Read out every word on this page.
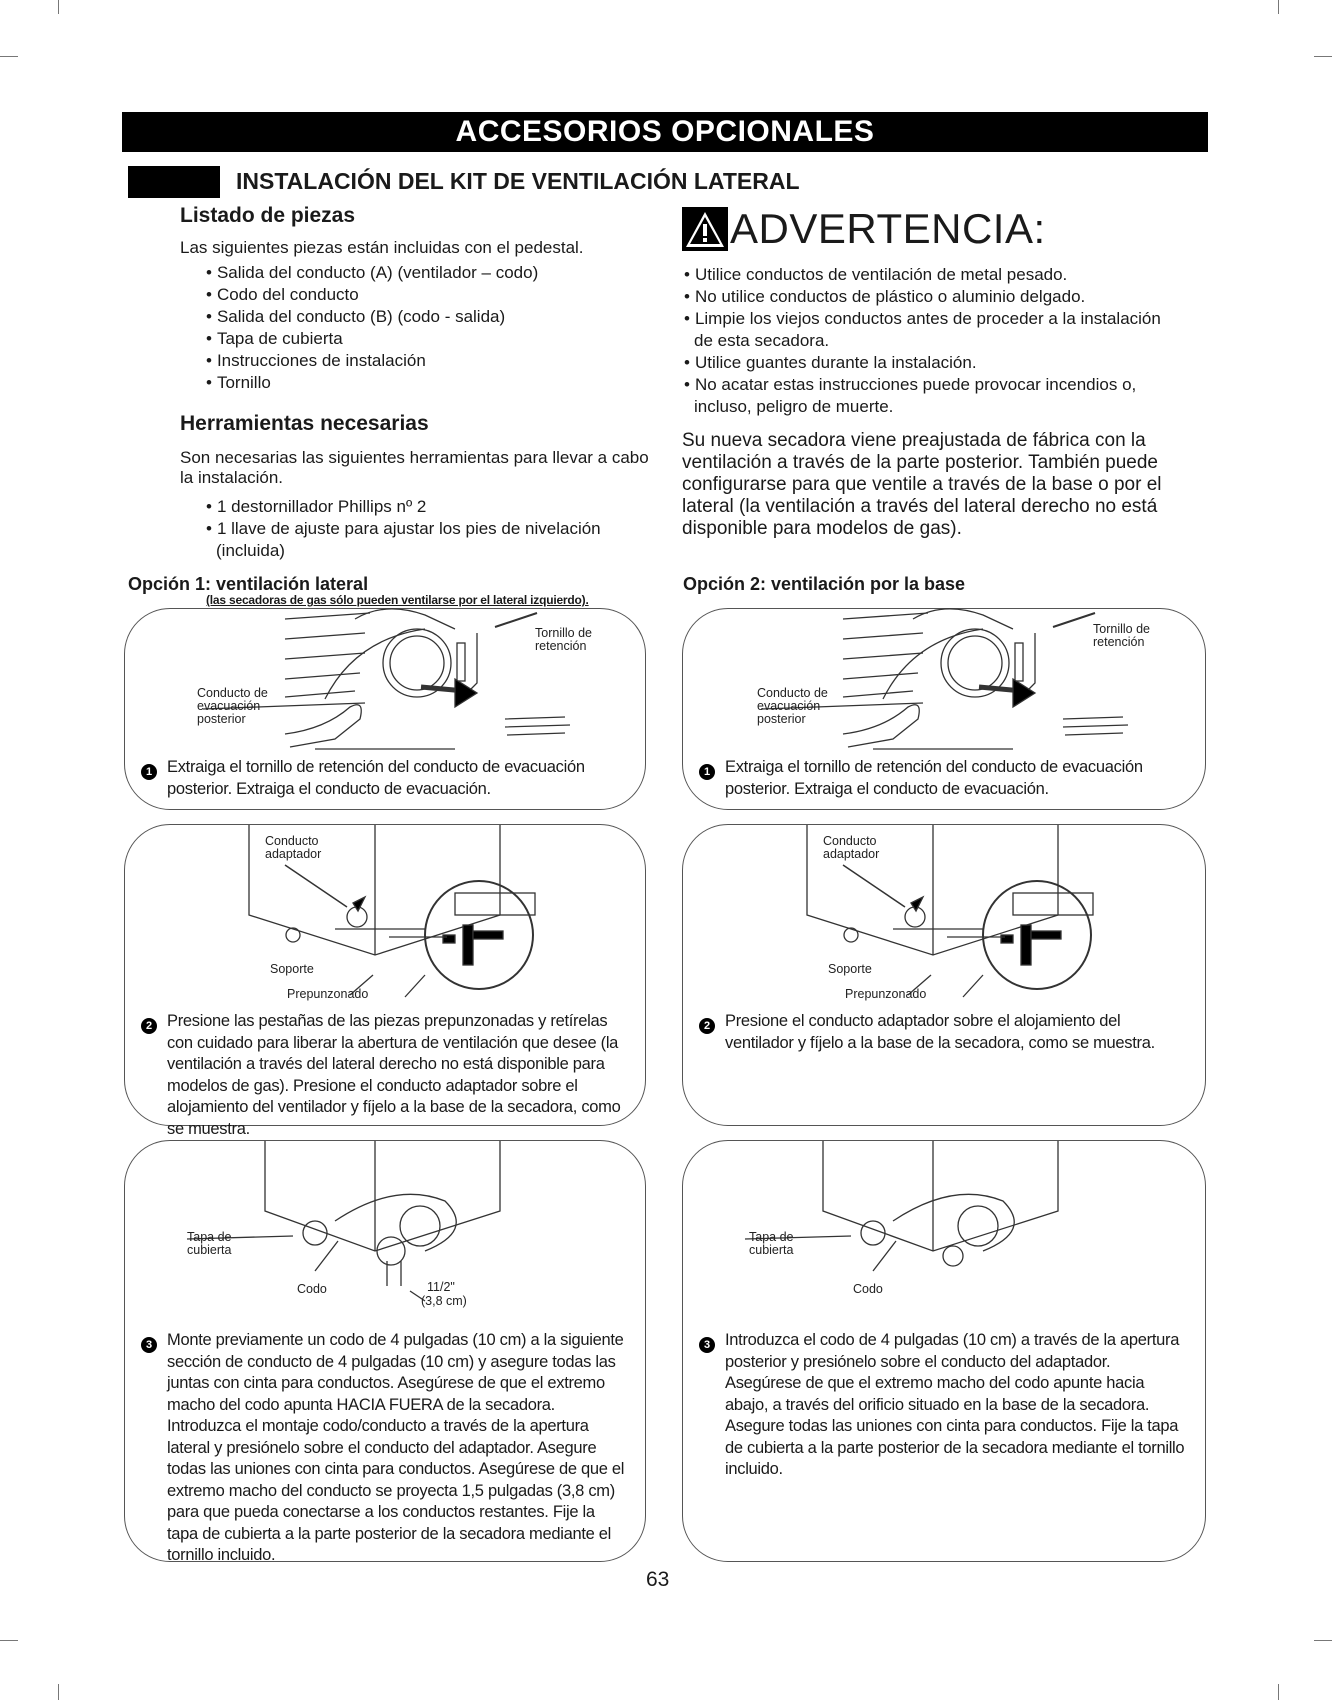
ACCESORIOS OPCIONALES
INSTALACIÓN DEL KIT DE VENTILACIÓN LATERAL
Listado de piezas
Las siguientes piezas están incluidas con el pedestal.
• Salida del conducto (A) (ventilador – codo)
• Codo del conducto
• Salida del conducto (B) (codo - salida)
• Tapa de cubierta
• Instrucciones de instalación
• Tornillo
Herramientas necesarias
Son necesarias las siguientes herramientas para llevar a cabo la instalación.
• 1 destornillador Phillips nº 2
• 1 llave de ajuste para ajustar los pies de nivelación (incluida)
ADVERTENCIA:
• Utilice conductos de ventilación de metal pesado.
• No utilice conductos de plástico o aluminio delgado.
• Limpie los viejos conductos antes de proceder a la instalación de esta secadora.
• Utilice guantes durante la instalación.
• No acatar estas instrucciones puede provocar incendios o, incluso, peligro de muerte.
Su nueva secadora viene preajustada de fábrica con la ventilación a través de la parte posterior. También puede configurarse para que ventile a través de la base o por el lateral (la ventilación a través del lateral derecho no está disponible para modelos de gas).
Opción 1: ventilación lateral
(las secadoras de gas sólo pueden ventilarse por el lateral izquierdo).
Opción 2: ventilación por la base
Tornillo de retención
Conducto de evacuación posterior
1 Extraiga el tornillo de retención del conducto de evacuación posterior. Extraiga el conducto de evacuación.
Conducto adaptador
Soporte
Prepunzonado
2 Presione las pestañas de las piezas prepunzonadas y retírelas con cuidado para liberar la abertura de ventilación que desee (la ventilación a través del lateral derecho no está disponible para modelos de gas). Presione el conducto adaptador sobre el alojamiento del ventilador y fíjelo a la base de la secadora, como se muestra.
Tapa de cubierta
Codo	11/2"
(3,8 cm)
3 Monte previamente un codo de 4 pulgadas (10 cm) a la siguiente sección de conducto de 4 pulgadas (10 cm) y asegure todas las juntas con cinta para conductos. Asegúrese de que el extremo macho del codo apunta HACIA FUERA de la secadora. Introduzca el montaje codo/conducto a través de la apertura lateral y presiónelo sobre el conducto del adaptador. Asegure todas las uniones con cinta para conductos. Asegúrese de que el extremo macho del conducto se proyecta 1,5 pulgadas (3,8 cm) para que pueda conectarse a los conductos restantes. Fije la tapa de cubierta a la parte posterior de la secadora mediante el tornillo incluido.
Tornillo de retención
Conducto de evacuación posterior
1 Extraiga el tornillo de retención del conducto de evacuación posterior. Extraiga el conducto de evacuación.
Conducto adaptador
Soporte
Prepunzonado
2 Presione el conducto adaptador sobre el alojamiento del ventilador y fíjelo a la base de la secadora, como se muestra.
Tapa de cubierta
Codo
3 Introduzca el codo de 4 pulgadas (10 cm) a través de la apertura posterior y presiónelo sobre el conducto del adaptador. Asegúrese de que el extremo macho del codo apunte hacia abajo, a través del orificio situado en la base de la secadora. Asegure todas las uniones con cinta para conductos. Fije la tapa de cubierta a la parte posterior de la secadora mediante el tornillo incluido.
63
